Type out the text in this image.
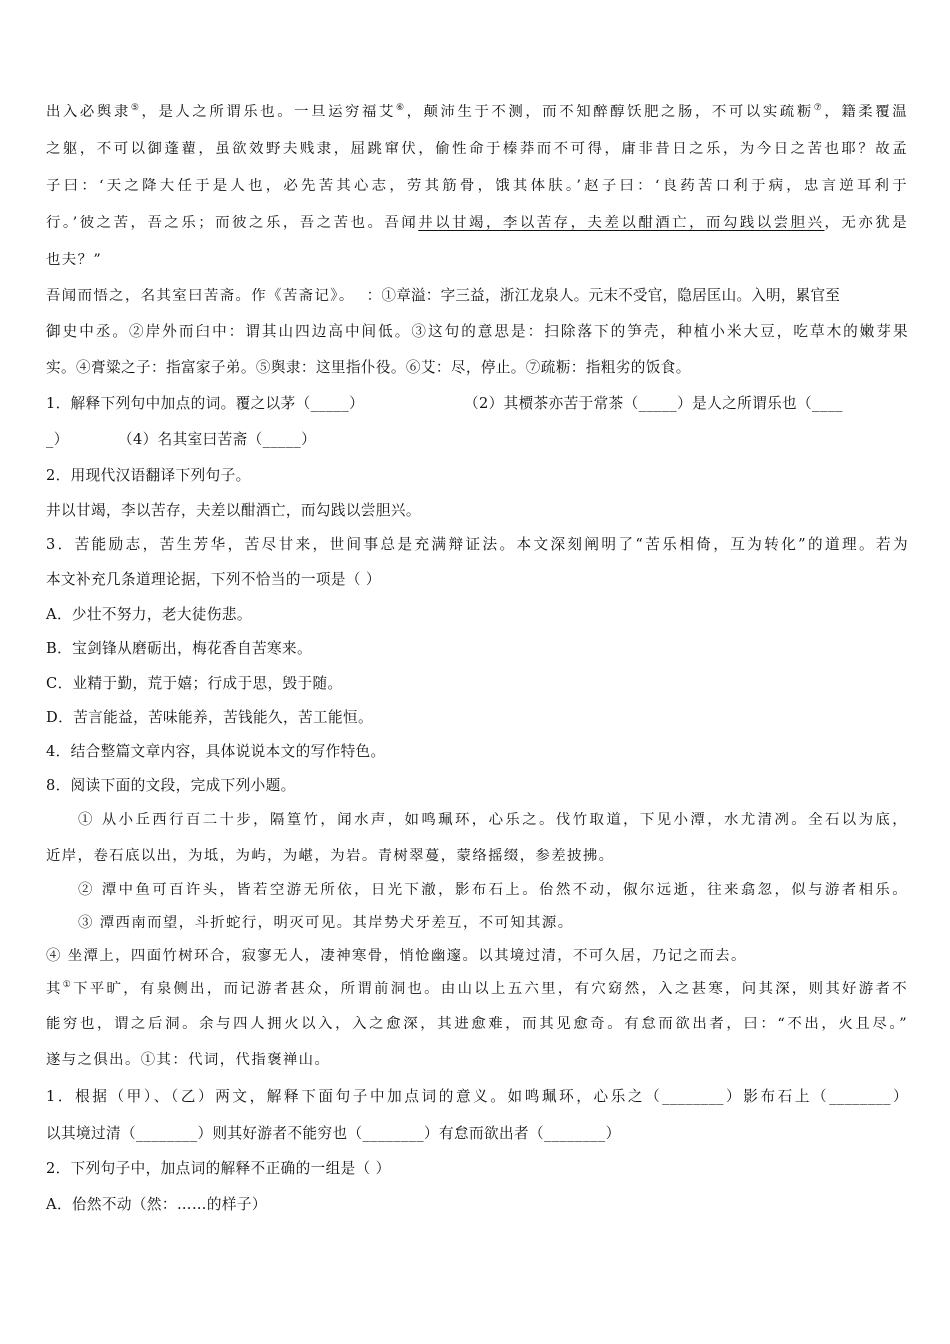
出入必舆隶⑤，是人之所谓乐也。一旦运穷福艾⑥，颠沛生于不测，而不知醉醇饫肥之肠，不可以实疏粝⑦，籍柔覆温
之躯，不可以御蓬藋，虽欲效野夫贱隶，屈跳窜伏，偷性命于榛莽而不可得，庸非昔日之乐，为今日之苦也耶？故孟
子曰：‘天之降大任于是人也，必先苦其心志，劳其筋骨，饿其体肤。’赵子曰：‘良药苦口利于病，忠言逆耳利于
行。’彼之苦，吾之乐；而彼之乐，吾之苦也。吾闻井以甘竭，李以苦存，夫差以酣酒亡，而勾践以尝胆兴，无亦犹是
也夫？”
吾闻而悟之，名其室曰苦斋。作《苦斋记》。 ：①章溢：字三益，浙江龙泉人。元末不受官，隐居匡山。入明，累官至
御史中丞。②岸外而臼中：谓其山四边高中间低。③这句的意思是：扫除落下的笋壳，种植小米大豆，吃草木的嫩芽果
实。④膏粱之子：指富家子弟。⑤舆隶：这里指仆役。⑥艾：尽，停止。⑦疏粝：指粗劣的饭食。
1．解释下列句中加点的词。覆之以茅（_____）	（2）其槚茶亦苦于常茶（_____）是人之所谓乐也（____
_）	（4）名其室曰苦斋（_____）
2．用现代汉语翻译下列句子。
井以甘竭，李以苦存，夫差以酣酒亡，而勾践以尝胆兴。
3．苦能励志，苦生芳华，苦尽甘来，世间事总是充满辩证法。本文深刻阐明了“苦乐相倚，互为转化”的道理。若为
本文补充几条道理论据，下列不恰当的一项是（ ）
A．少壮不努力，老大徒伤悲。
B．宝剑锋从磨砺出，梅花香自苦寒来。
C．业精于勤，荒于嬉；行成于思，毁于随。
D．苦言能益，苦味能养，苦钱能久，苦工能恒。
4．结合整篇文章内容，具体说说本文的写作特色。
8．阅读下面的文段，完成下列小题。
① 从小丘西行百二十步，隔篁竹，闻水声，如鸣珮环，心乐之。伐竹取道，下见小潭，水尤清冽。全石以为底，
近岸，卷石底以出，为坻，为屿，为嵁，为岩。青树翠蔓，蒙络摇缀，参差披拂。
② 潭中鱼可百许头，皆若空游无所依，日光下澈，影布石上。佁然不动，俶尔远逝，往来翕忽，似与游者相乐。
③ 潭西南而望，斗折蛇行，明灭可见。其岸势犬牙差互，不可知其源。
④ 坐潭上，四面竹树环合，寂寥无人，凄神寒骨，悄怆幽邃。以其境过清，不可久居，乃记之而去。
其①下平旷，有泉侧出，而记游者甚众，所谓前洞也。由山以上五六里，有穴窈然，入之甚寒，问其深，则其好游者不
能穷也，谓之后洞。余与四人拥火以入，入之愈深，其进愈难，而其见愈奇。有怠而欲出者，曰：“不出，火且尽。”
遂与之俱出。①其：代词，代指褒禅山。
1．根据（甲）、（乙）两文，解释下面句子中加点词的意义。如鸣珮环，心乐之（________）影布石上（________）
以其境过清（________）则其好游者不能穷也（________）有怠而欲出者（________）
2．下列句子中，加点词的解释不正确的一组是（ ）
A．佁然不动（然：……的样子）
